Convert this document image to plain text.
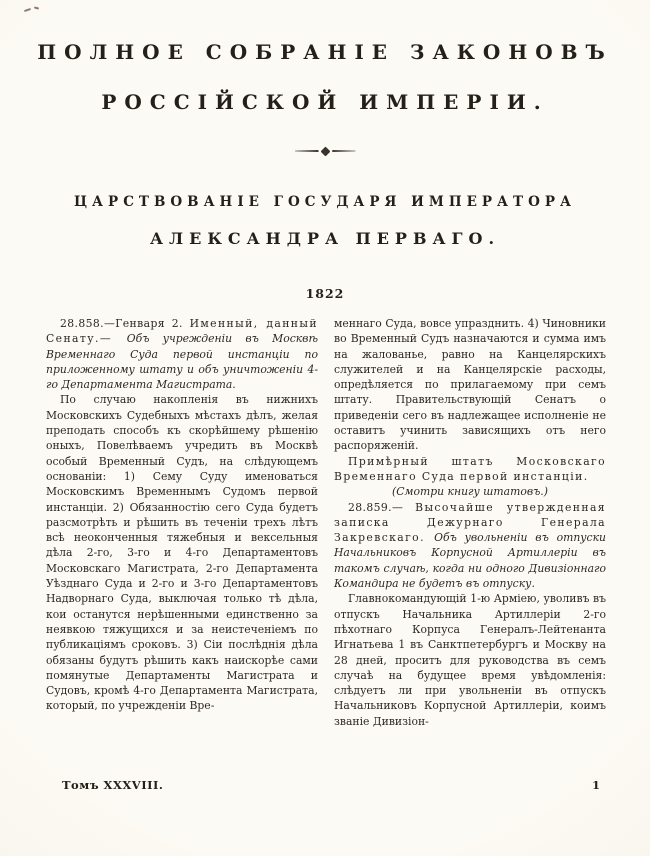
ПОЛНОЕ СОБРАНІЕ ЗАКОНОВЪ
РОССІЙСКОЙ ИМПЕРІИ.
ЦАРСТВОВАНІЕ ГОСУДАРЯ ИМПЕРАТОРА
АЛЕКСАНДРА ПЕРВАГО.
1822

28.858.—Генваря 2. Именный, данный Сенату.— Объ учрежденіи въ Москвѣ Временнаго Суда первой инстанціи по приложенному штату и объ уничтоженіи 4-го Департамента Магистрата.

По случаю накопленія въ нижнихъ Московскихъ Судебныхъ мѣстахъ дѣлъ, желая преподать способъ къ скорѣйшему рѣшенію оныхъ, Повелѣваемъ учредить въ Москвѣ особый Временный Судъ, на слѣдующемъ основаніи: 1) Сему Суду именоваться Московскимъ Временнымъ Судомъ первой инстанціи. 2) Обязанностію сего Суда будетъ разсмотрѣть и рѣшить въ теченіи трехъ лѣтъ всѣ неоконченныя тяжебныя и вексельныя дѣла 2-го, 3-го и 4-го Департаментовъ Московскаго Магистрата, 2-го Департамента Уѣзднаго Суда и 2-го и 3-го Департаментовъ Надворнаго Суда, выключая только тѣ дѣла, кои останутся нерѣшенными единственно за неявкою тяжущихся и за неистеченіемъ по публикаціямъ сроковъ. 3) Сіи послѣднія дѣла обязаны будутъ рѣшить какъ наискорѣе сами помянутые Департаменты Магистрата и Судовъ, кромѣ 4-го Департамента Магистрата, который, по учрежденіи Вре-

меннаго Суда, вовсе упразднить. 4) Чиновники во Временный Судъ назначаются и сумма имъ на жалованье, равно на Канцелярскихъ служителей и на Канцелярскіе расходы, опредѣляется по прилагаемому при семъ штату. Правительствующій Сенатъ о приведеніи сего въ надлежащее исполненіе не оставитъ учинить зависящихъ отъ него распоряженій.

Примѣрный штатъ Московскаго Временнаго Суда первой инстанціи.

(Смотри книгу штатовъ.)

28.859.— Высочайше утвержденная записка Дежурнаго Генерала Закревскаго. Объ увольненіи въ отпуски Начальниковъ Корпусной Артиллеріи въ такомъ случаѣ, когда ни одного Дивизіоннаго Командира не будетъ въ отпуску.

Главнокомандующій 1-ю Арміею, уволивъ въ отпускъ Начальника Артиллеріи 2-го пѣхотнаго Корпуса Генералъ-Лейтенанта Игнатьева 1 въ Санктпетербургъ и Москву на 28 дней, проситъ для руководства въ семъ случаѣ на будущее время увѣдомленія: слѣдуетъ ли при увольненіи въ отпускъ Начальниковъ Корпусной Артиллеріи, коимъ званіе Дивизіон-

Томъ XXXVIII.	1
